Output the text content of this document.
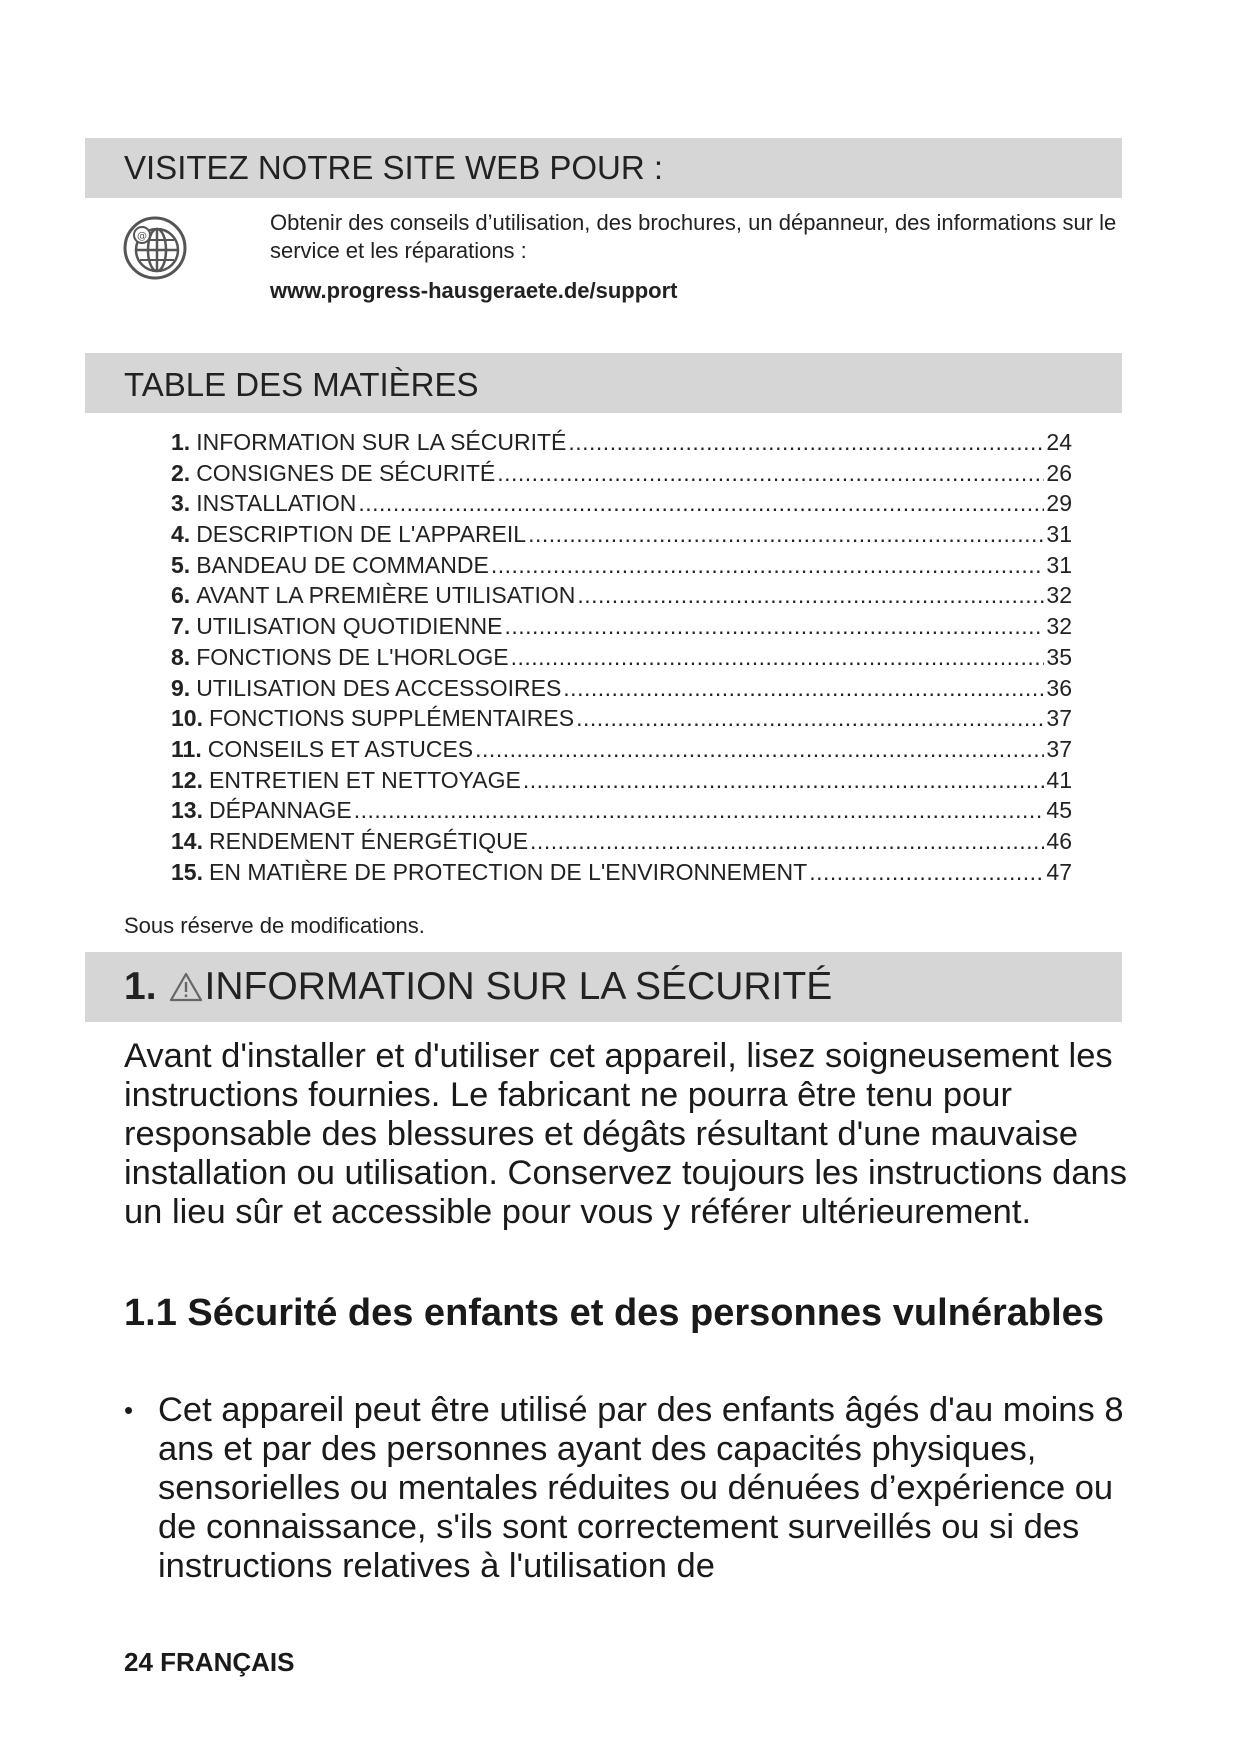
VISITEZ NOTRE SITE WEB POUR :
@
Obtenir des conseils d’utilisation, des brochures, un dépanneur, des informations sur le service et les réparations :
www.progress-hausgeraete.de/support
TABLE DES MATIÈRES
1. INFORMATION SUR LA SÉCURITÉ .....	24
2. CONSIGNES DE SÉCURITÉ .....	26
3. INSTALLATION .....	29
4. DESCRIPTION DE L'APPAREIL .....	31
5. BANDEAU DE COMMANDE .....	31
6. AVANT LA PREMIÈRE UTILISATION .....	32
7. UTILISATION QUOTIDIENNE .....	32
8. FONCTIONS DE L'HORLOGE .....	35
9. UTILISATION DES ACCESSOIRES .....	36
10. FONCTIONS SUPPLÉMENTAIRES .....	37
11. CONSEILS ET ASTUCES .....	37
12. ENTRETIEN ET NETTOYAGE .....	41
13. DÉPANNAGE .....	45
14. RENDEMENT ÉNERGÉTIQUE .....	46
15. EN MATIÈRE DE PROTECTION DE L'ENVIRONNEMENT .....	47
Sous réserve de modifications.
1. INFORMATION SUR LA SÉCURITÉ

Avant d'installer et d'utiliser cet appareil, lisez soigneusement les instructions fournies. Le fabricant ne pourra être tenu pour responsable des blessures et dégâts résultant d'une mauvaise installation ou utilisation. Conservez toujours les instructions dans un lieu sûr et accessible pour vous y référer ultérieurement.

1.1 Sécurité des enfants et des personnes vulnérables
• Cet appareil peut être utilisé par des enfants âgés d'au moins 8 ans et par des personnes ayant des capacités physiques, sensorielles ou mentales réduites ou dénuées d’expérience ou de connaissance, s'ils sont correctement surveillés ou si des instructions relatives à l'utilisation de
24 FRANÇAIS
